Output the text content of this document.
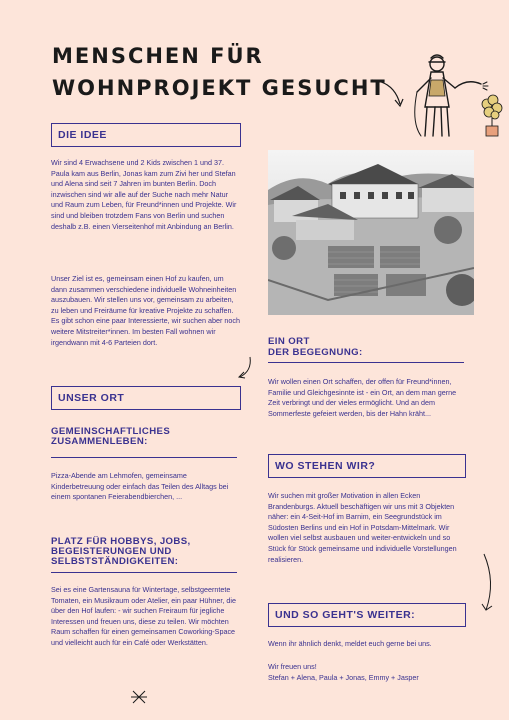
MENSCHEN FÜR
WOHNPROJEKT GESUCHT
DIE IDEE

Wir sind 4 Erwachsene und 2 Kids zwischen 1 und 37. Paula kam aus Berlin, Jonas kam zum Zivi her und Stefan und Alena sind seit 7 Jahren im bunten Berlin. Doch inzwischen sind wir alle auf der Suche nach mehr Natur und Raum zum Leben, für Freund*innen und Projekte. Wir sind und bleiben trotzdem Fans von Berlin und suchen deshalb z.B. einen Vierseitenhof mit Anbindung an Berlin.

Unser Ziel ist es, gemeinsam einen Hof zu kaufen, um dann zusammen verschiedene individuelle Wohneinheiten auszubauen. Wir stellen uns vor, gemeinsam zu arbeiten, zu leben und Freiräume für kreative Projekte zu schaffen. Es gibt schon eine paar Interessierte, wir suchen aber noch weitere Mitstreiter*innen. Im besten Fall wohnen wir irgendwann mit 4-6 Parteien dort.	EIN ORT
DER BEGEGNUNG:

Wir wollen einen Ort schaffen, der offen für Freund*innen, Familie und Gleichgesinnte ist - ein Ort, an dem man gerne Zeit verbringt und der vieles ermöglicht. Und an dem Sommerfeste gefeiert werden, bis der Hahn kräht...

UNSER ORT

GEMEINSCHAFTLICHES ZUSAMMENLEBEN:

Pizza-Abende am Lehmofen, gemeinsame Kinderbetreuung oder einfach das Teilen des Alltags bei einem spontanen Feierabendbierchen, ...

WO STEHEN WIR?

Wir suchen mit großer Motivation in allen Ecken Brandenburgs. Aktuell beschäftigen wir uns mit 3 Objekten näher: ein 4-Seit-Hof im Barnim, ein Seegrundstück im Südosten Berlins und ein Hof in Potsdam-Mittelmark. Wir wollen viel selbst ausbauen und weiter-entwickeln und so Stück für Stück gemeinsame und individuelle Vorstellungen realisieren.

PLATZ FÜR HOBBYS, JOBS, BEGEISTERUNGEN UND SELBSTSTÄNDIGKEITEN:

Sei es eine Gartensauna für Wintertage, selbstgeerntete Tomaten, ein Musikraum oder Atelier, ein paar Hühner, die über den Hof laufen: - wir suchen Freiraum für jegliche Interessen und freuen uns, diese zu teilen. Wir möchten Raum schaffen für einen gemeinsamen Coworking-Space und vielleicht auch für ein Café oder Werkstätten.

UND SO GEHT'S WEITER:

Wenn ihr ähnlich denkt, meldet euch gerne bei uns.

Wir freuen uns!

Stefan + Alena, Paula + Jonas, Emmy + Jasper
